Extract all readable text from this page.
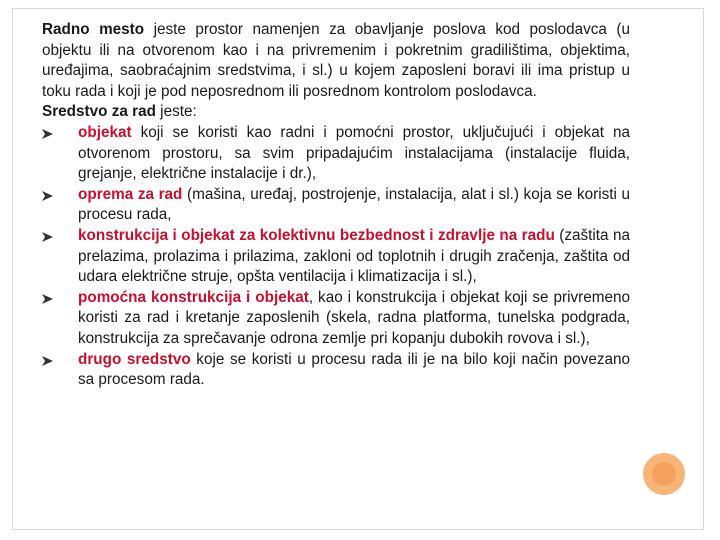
Radno mesto jeste prostor namenjen za obavljanje poslova kod poslodavca (u objektu ili na otvorenom kao i na privremenim i pokretnim gradilištima, objektima, uređajima, saobraćajnim sredstvima, i sl.) u kojem zaposleni boravi ili ima pristup u toku rada i koji je pod neposrednom ili posrednom kontrolom poslodavca.

Sredstvo za rad jeste:

objekat koji se koristi kao radni i pomoćni prostor, uključujući i objekat na otvorenom prostoru, sa svim pripadajućim instalacijama (instalacije fluida, grejanje, električne instalacije i dr.),
oprema za rad (mašina, uređaj, postrojenje, instalacija, alat i sl.) koja se koristi u procesu rada,
konstrukcija i objekat za kolektivnu bezbednost i zdravlje na radu (zaštita na prelazima, prolazima i prilazima, zakloni od toplotnih i drugih zračenja, zaštita od udara električne struje, opšta ventilacija i klimatizacija i sl.),
pomoćna konstrukcija i objekat, kao i konstrukcija i objekat koji se privremeno koristi za rad i kretanje zaposlenih (skela, radna platforma, tunelska podgrada, konstrukcija za sprečavanje odrona zemlje pri kopanju dubokih rovova i sl.),
drugo sredstvo koje se koristi u procesu rada ili je na bilo koji način povezano sa procesom rada.
